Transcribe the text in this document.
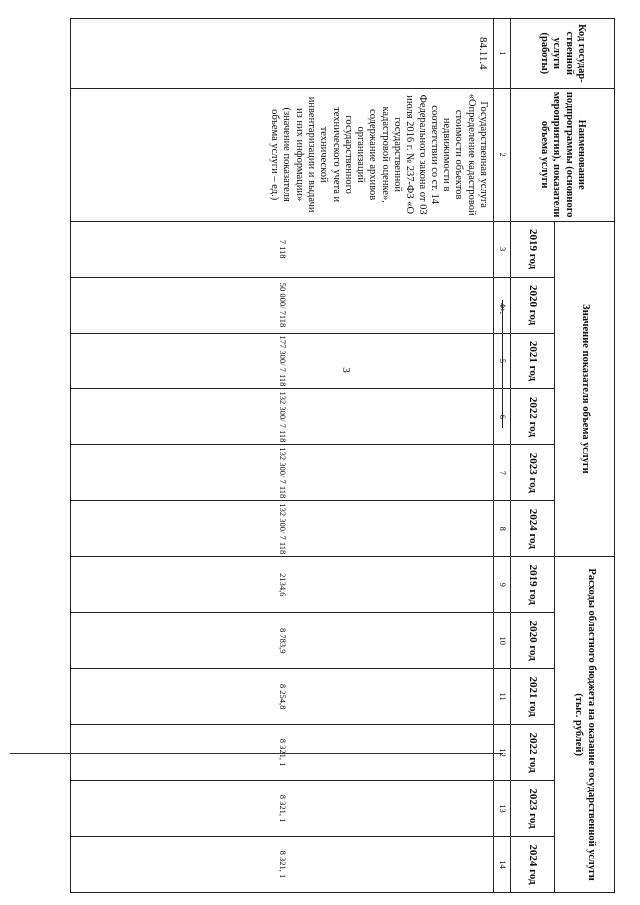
3
».
Код государ-ственной услуги (работы)	Наименование подпрограммы (основного мероприятия), показатели объема услуги	Значение показателя объема услуги						Расходы областного бюджета на оказание государственной услуги (тыс. рублей)					
		2019 год	2020 год	2021 год	2022 год	2023 год	2024 год	2019 год	2020 год	2021 год	2022 год	2023 год	2024 год
1	2	3	4	5	6	7	8	9	10	11	12	13	14
84.11.4	Государственная услуга «Определение кадастровой стоимости объектов недвижимости в соответствии со ст. 14 Федерального закона от 03 июля 2016 г. № 237-ФЗ «О государственной кадастровой оценке», содержание архивов организаций государственного технического учета и технической инвентаризации и выдачи из них информации» (значение показателя объема услуги – ед.)	7 118	50 000/ 7118	177 300/ 7 118	132 300/ 7 118	132 300/ 7 118	132 300/ 7 118	2134,6	8 783,9	8 254,8	8 321, 1	8 321, 1	8 321, 1
